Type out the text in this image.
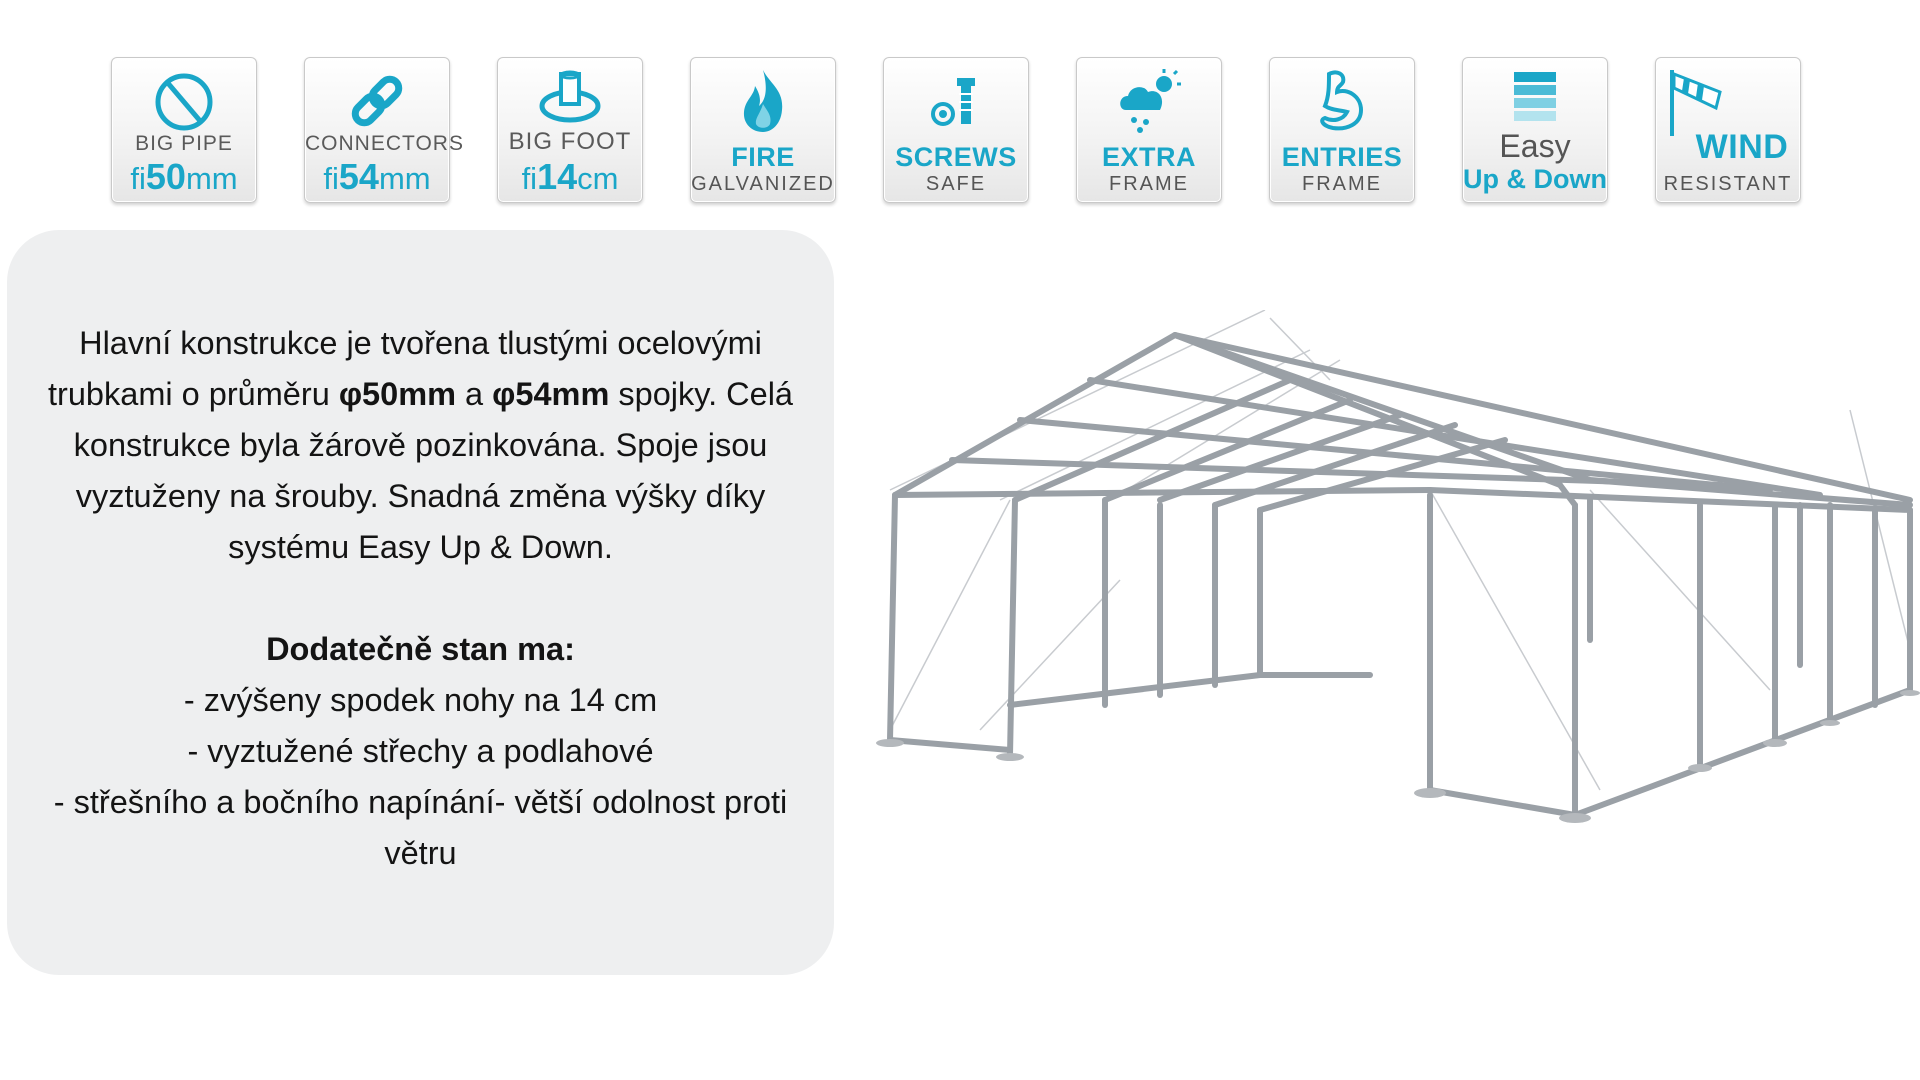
BIG PIPE
fi50mm
CONNECTORS
fi54mm
BIG FOOT
fi14cm
FIRE
GALVANIZED
SCREWS
SAFE
EXTRA
FRAME
ENTRIES
FRAME
Easy
Up & Down
WIND
RESISTANT

Hlavní konstrukce je tvořena tlustými ocelovými trubkami o průměru φ50mm a φ54mm spojky. Celá konstrukce byla žárově pozinkována. Spoje jsou vyztuženy na šrouby. Snadná změna výšky díky systému Easy Up & Down.

Dodatečně stan ma:

- zvýšeny spodek nohy na 14 cm

- vyztužené střechy a podlahové

- střešního a bočního napínání- větší odolnost proti větru
